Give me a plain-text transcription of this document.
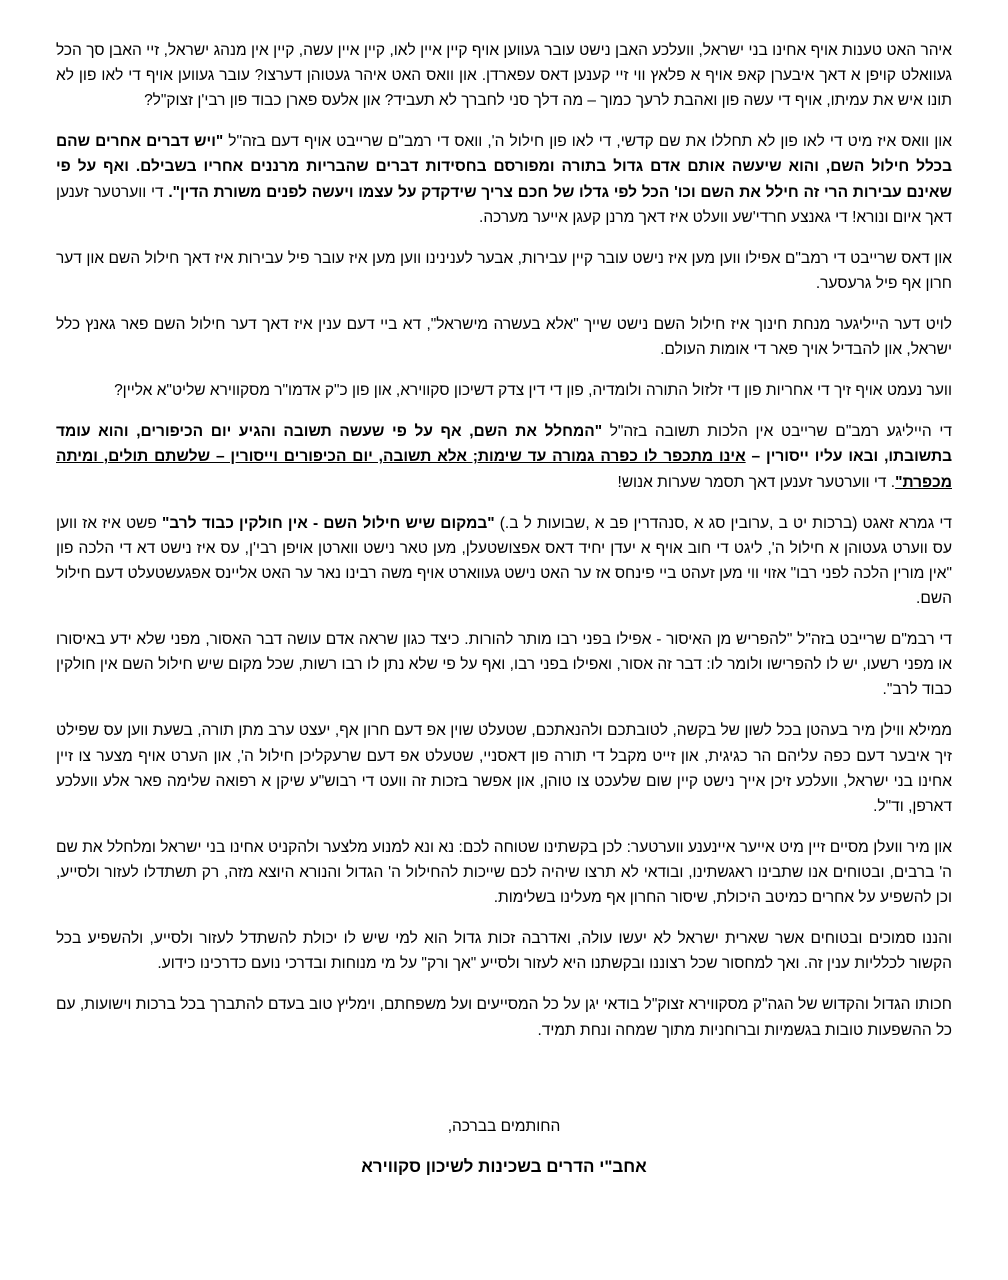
איהר האט טענות אויף אחינו בני ישראל, וועלכע האבן נישט עובר געווען אויף קיין איין לאו, קיין איין עשה, קיין אין מנהג ישראל, זיי האבן סך הכל געוואלט קויפן א דאך איבערן קאפ אויף א פלאץ ווי זיי קענען דאס עפארדן. און וואס האט איהר געטוהן דערצו? עובר געווען אויף די לאו פון לא תונו איש את עמיתו, אויף די עשה פון ואהבת לרעך כמוך – מה דלך סני לחברך לא תעביד? און אלעס פארן כבוד פון רבי'ן זצוק"ל?

און וואס איז מיט די לאו פון לא תחללו את שם קדשי, די לאו פון חילול ה', וואס די רמב"ם שרייבט אויף דעם בזה"ל "ויש דברים אחרים שהם בכלל חילול השם, והוא שיעשה אותם אדם גדול בתורה ומפורסם בחסידות דברים שהבריות מרננים אחריו בשבילם. ואף על פי שאינם עבירות הרי זה חילל את השם וכו' הכל לפי גדלו של חכם צריך שידקדק על עצמו ויעשה לפנים משורת הדין". די ווערטער זענען דאך איום ונורא! די גאנצע חרדי'שע וועלט איז דאך מרנן קעגן אייער מערכה.

און דאס שרייבט די רמב"ם אפילו ווען מען איז נישט עובר קיין עבירות, אבער לענינינו ווען מען איז עובר פיל עבירות איז דאך חילול השם און דער חרון אף פיל גרעסער.

לויט דער הייליגער מנחת חינוך איז חילול השם נישט שייך "אלא בעשרה מישראל", דא ביי דעם ענין איז דאך דער חילול השם פאר גאנץ כלל ישראל, און להבדיל אויך פאר די אומות העולם.

ווער נעמט אויף זיך די אחריות פון די זלזול התורה ולומדיה, פון די דין צדק דשיכון סקווירא, און פון כ"ק אדמו"ר מסקווירא שליט"א אליין?

די הייליגע רמב"ם שרייבט אין הלכות תשובה בזה"ל "המחלל את השם, אף על פי שעשה תשובה והגיע יום הכיפורים, והוא עומד בתשובתו, ובאו עליו ייסורין – אינו מתכפר לו כפרה גמורה עד שימות; אלא תשובה, יום הכיפורים וייסורין – שלשתם תולים, ומיתה מכפרת". די ווערטער זענען דאך תסמר שערות אנוש!

די גמרא זאגט (ברכות יט ב ,ערובין סג א ,סנהדרין פב א ,שבועות ל ב.) "במקום שיש חילול השם - אין חולקין כבוד לרב" פשט איז אז ווען עס ווערט געטוהן א חילול ה', ליגט די חוב אויף א יעדן יחיד דאס אפצושטעלן, מען טאר נישט ווארטן אויפן רבי'ן, עס איז נישט דא די הלכה פון "אין מורין הלכה לפני רבו" אזוי ווי מען זעהט ביי פינחס אז ער האט נישט געווארט אויף משה רבינו נאר ער האט אליינס אפגעשטעלט דעם חילול השם.

די רבמ"ם שרייבט בזה"ל "להפריש מן האיסור - אפילו בפני רבו מותר להורות. כיצד כגון שראה אדם עושה דבר האסור, מפני שלא ידע באיסורו או מפני רשעו, יש לו להפרישו ולומר לו: דבר זה אסור, ואפילו בפני רבו, ואף על פי שלא נתן לו רבו רשות, שכל מקום שיש חילול השם אין חולקין כבוד לרב".

ממילא ווילן מיר בעהטן בכל לשון של בקשה, לטובתכם ולהנאתכם, שטעלט שוין אפ דעם חרון אף, יעצט ערב מתן תורה, בשעת ווען עס שפילט זיך איבער דעם כפה עליהם הר כגיגית, און זייט מקבל די תורה פון דאסניי, שטעלט אפ דעם שרעקליכן חילול ה', און הערט אויף מצער צו זיין אחינו בני ישראל, וועלכע זיכן אייך נישט קיין שום שלעכט צו טוהן, און אפשר בזכות זה וועט די רבוש"ע שיקן א רפואה שלימה פאר אלע וועלכע דארפן, וד"ל.

און מיר וועלן מסיים זיין מיט אייער איינענע ווערטער: לכן בקשתינו שטוחה לכם: נא ונא למנוע מלצער ולהקניט אחינו בני ישראל ומלחלל את שם ה' ברבים, ובטוחים אנו שתבינו ראגשתינו, ובודאי לא תרצו שיהיה לכם שייכות להחילול ה' הגדול והנורא היוצא מזה, רק תשתדלו לעזור ולסייע, וכן להשפיע על אחרים כמיטב היכולת, שיסור החרון אף מעלינו בשלימות.

והננו סמוכים ובטוחים אשר שארית ישראל לא יעשו עולה, ואדרבה זכות גדול הוא למי שיש לו יכולת להשתדל לעזור ולסייע, ולהשפיע בכל הקשור לכלליות ענין זה. ואך למחסור שכל רצוננו ובקשתנו היא לעזור ולסייע "אך ורק" על מי מנוחות ובדרכי נועם כדרכינו כידוע.

חכותו הגדול והקדוש של הגה"ק מסקווירא זצוק"ל בודאי יגן על כל המסייעים ועל משפחתם, וימליץ טוב בעדם להתברך בכל ברכות וישועות, עם כל ההשפעות טובות בגשמיות וברוחניות מתוך שמחה ונחת תמיד.

החותמים בברכה,

אחב"י הדרים בשכינות לשיכון סקווירא
